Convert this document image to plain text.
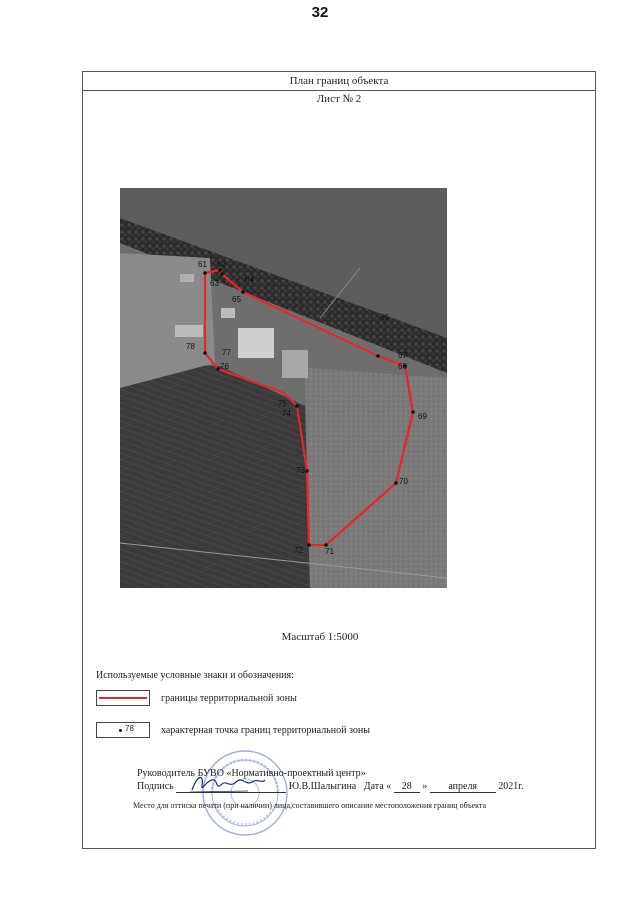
32
План границ объекта
Лист № 2
61 62
63	64
65
66
67
68
69
70
71
72
73
74
75
76
77
78
Масштаб 1:5000
Используемые условные знаки и обозначения:
границы территориальной зоны
78	характерная точка границ территориальной зоны
Руководитель БУВО «Нормативно-проектный центр»
Подпись	Ю.В.Шалыгина Дата « 28 » апреля 2021г.
Место для оттиска печати (при наличии) лица,составившего описание местоположения границ объекта
